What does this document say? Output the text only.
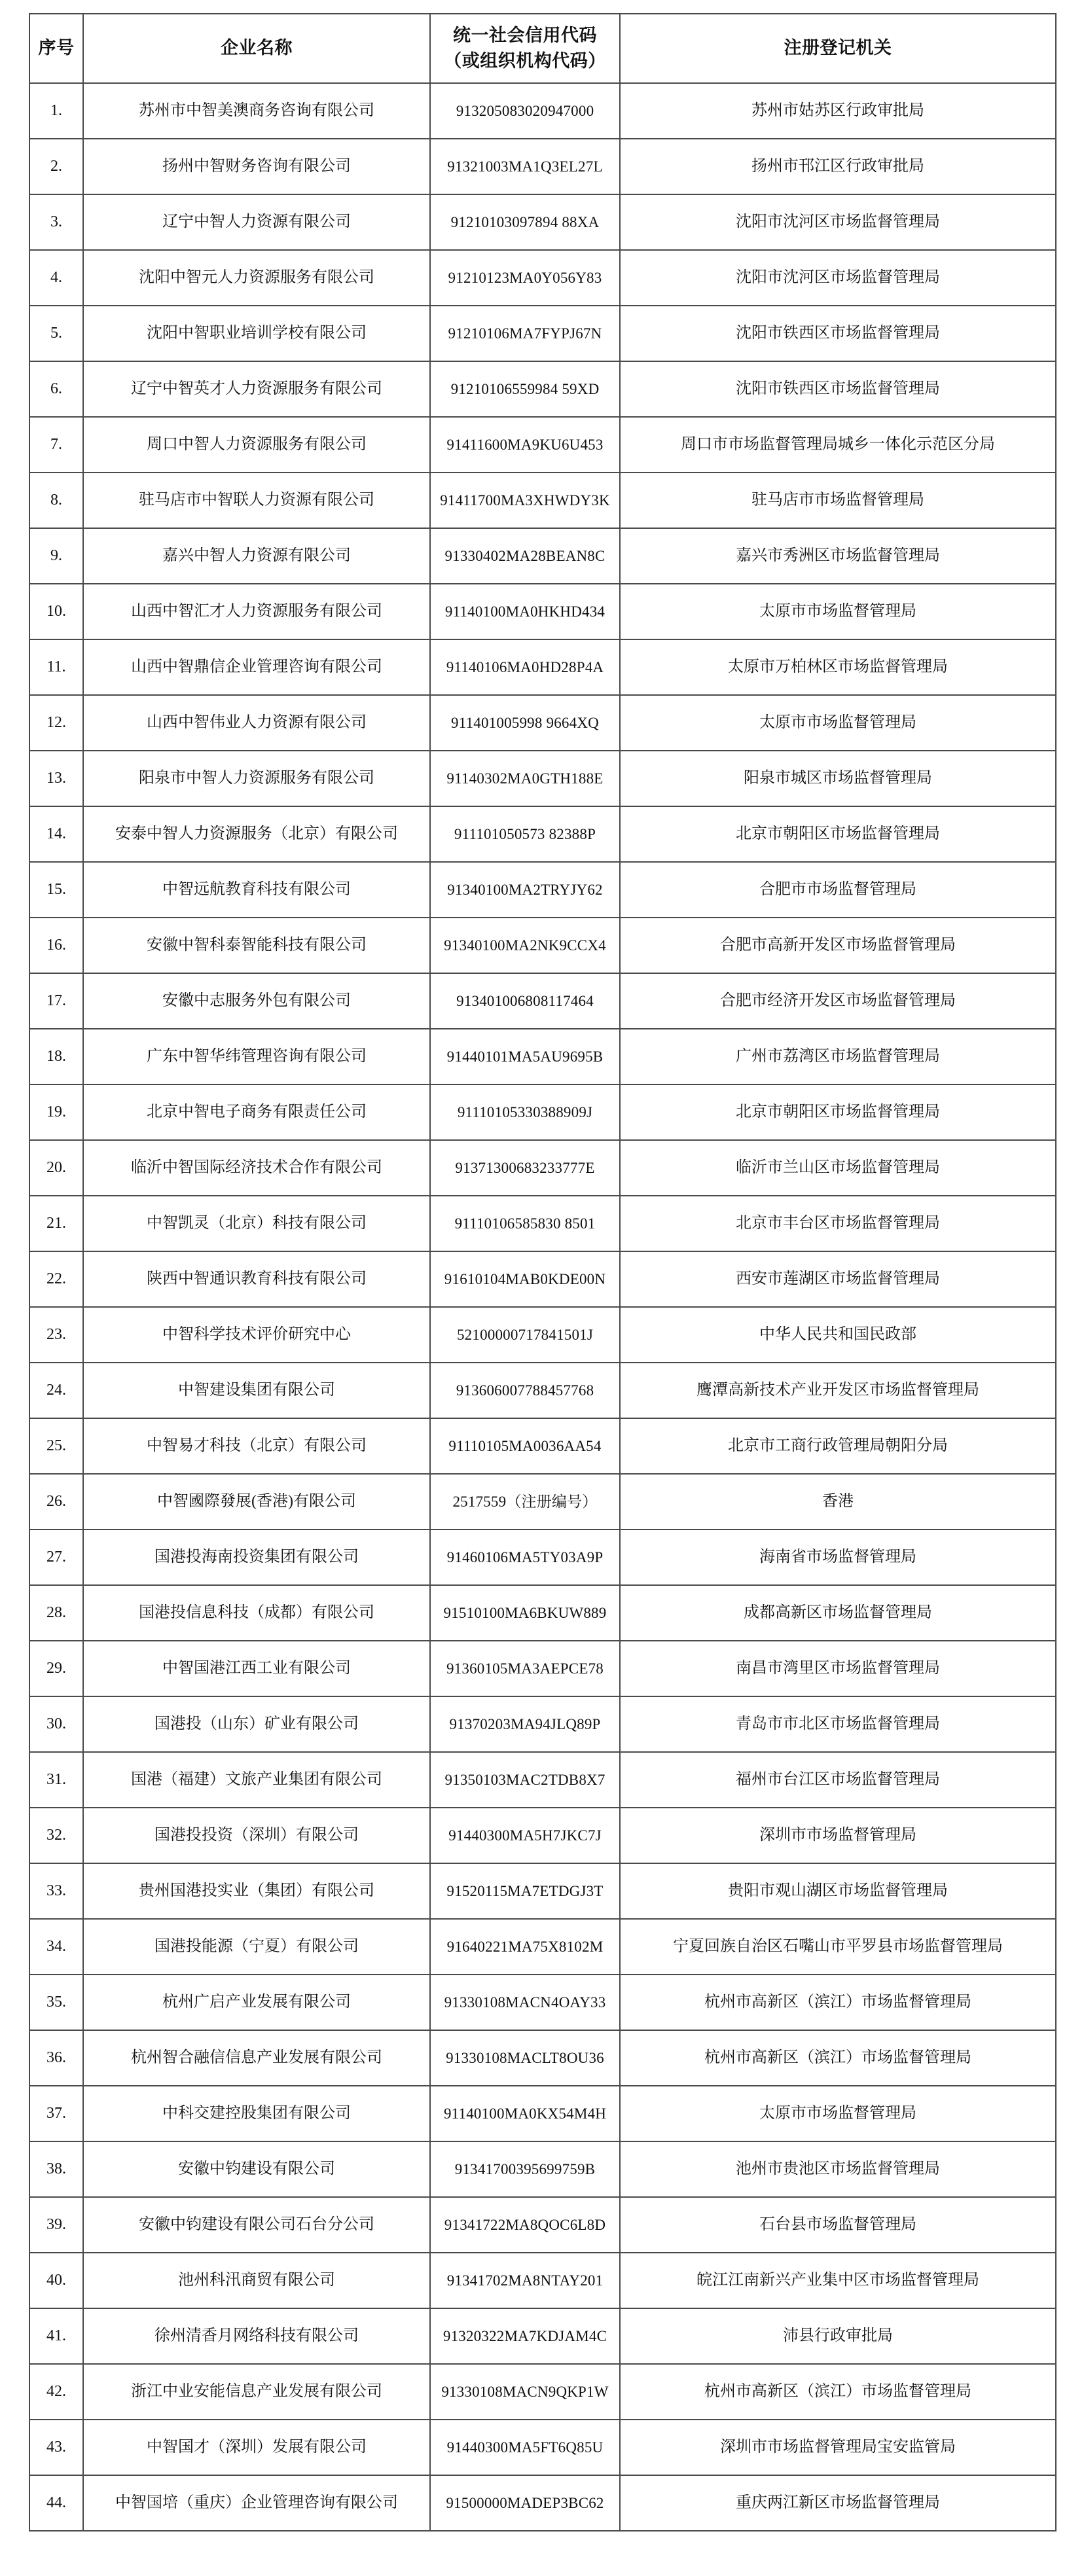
序号	企业名称	统一社会信用代码
（或组织机构代码）	注册登记机关

1.	苏州市中智美澳商务咨询有限公司	913205083020947000	苏州市姑苏区行政审批局
2.	扬州中智财务咨询有限公司	91321003MA1Q3EL27L	扬州市邗江区行政审批局
3.	辽宁中智人力资源有限公司	91210103097894 88XA	沈阳市沈河区市场监督管理局
4.	沈阳中智元人力资源服务有限公司	91210123MA0Y056Y83	沈阳市沈河区市场监督管理局
5.	沈阳中智职业培训学校有限公司	91210106MA7FYPJ67N	沈阳市铁西区市场监督管理局
6.	辽宁中智英才人力资源服务有限公司	91210106559984 59XD	沈阳市铁西区市场监督管理局
7.	周口中智人力资源服务有限公司	91411600MA9KU6U453	周口市市场监督管理局城乡一体化示范区分局
8.	驻马店市中智联人力资源有限公司	91411700MA3XHWDY3K	驻马店市市场监督管理局
9.	嘉兴中智人力资源有限公司	91330402MA28BEAN8C	嘉兴市秀洲区市场监督管理局
10.	山西中智汇才人力资源服务有限公司	91140100MA0HKHD434	太原市市场监督管理局
11.	山西中智鼎信企业管理咨询有限公司	91140106MA0HD28P4A	太原市万柏林区市场监督管理局
12.	山西中智伟业人力资源有限公司	911401005998 9664XQ	太原市市场监督管理局
13.	阳泉市中智人力资源服务有限公司	91140302MA0GTH188E	阳泉市城区市场监督管理局
14.	安泰中智人力资源服务（北京）有限公司	911101050573 82388P	北京市朝阳区市场监督管理局
15.	中智远航教育科技有限公司	91340100MA2TRYJY62	合肥市市场监督管理局
16.	安徽中智科泰智能科技有限公司	91340100MA2NK9CCX4	合肥市高新开发区市场监督管理局
17.	安徽中志服务外包有限公司	913401006808117464	合肥市经济开发区市场监督管理局
18.	广东中智华纬管理咨询有限公司	91440101MA5AU9695B	广州市荔湾区市场监督管理局
19.	北京中智电子商务有限责任公司	91110105330388909J	北京市朝阳区市场监督管理局
20.	临沂中智国际经济技术合作有限公司	91371300683233777E	临沂市兰山区市场监督管理局
21.	中智凯灵（北京）科技有限公司	91110106585830 8501	北京市丰台区市场监督管理局
22.	陕西中智通识教育科技有限公司	91610104MAB0KDE00N	西安市莲湖区市场监督管理局
23.	中智科学技术评价研究中心	52100000717841501J	中华人民共和国民政部
24.	中智建设集团有限公司	913606007788457768	鹰潭高新技术产业开发区市场监督管理局
25.	中智易才科技（北京）有限公司	91110105MA0036AA54	北京市工商行政管理局朝阳分局
26.	中智國際發展(香港)有限公司	2517559（注册编号）	香港
27.	国港投海南投资集团有限公司	91460106MA5TY03A9P	海南省市场监督管理局
28.	国港投信息科技（成都）有限公司	91510100MA6BKUW889	成都高新区市场监督管理局
29.	中智国港江西工业有限公司	91360105MA3AEPCE78	南昌市湾里区市场监督管理局
30.	国港投（山东）矿业有限公司	91370203MA94JLQ89P	青岛市市北区市场监督管理局
31.	国港（福建）文旅产业集团有限公司	91350103MAC2TDB8X7	福州市台江区市场监督管理局
32.	国港投投资（深圳）有限公司	91440300MA5H7JKC7J	深圳市市场监督管理局
33.	贵州国港投实业（集团）有限公司	91520115MA7ETDGJ3T	贵阳市观山湖区市场监督管理局
34.	国港投能源（宁夏）有限公司	91640221MA75X8102M	宁夏回族自治区石嘴山市平罗县市场监督管理局
35.	杭州广启产业发展有限公司	91330108MACN4OAY33	杭州市高新区（滨江）市场监督管理局
36.	杭州智合融信信息产业发展有限公司	91330108MACLT8OU36	杭州市高新区（滨江）市场监督管理局
37.	中科交建控股集团有限公司	91140100MA0KX54M4H	太原市市场监督管理局
38.	安徽中钧建设有限公司	91341700395699759B	池州市贵池区市场监督管理局
39.	安徽中钧建设有限公司石台分公司	91341722MA8QOC6L8D	石台县市场监督管理局
40.	池州科汛商贸有限公司	91341702MA8NTAY201	皖江江南新兴产业集中区市场监督管理局
41.	徐州清香月网络科技有限公司	91320322MA7KDJAM4C	沛县行政审批局
42.	浙江中业安能信息产业发展有限公司	91330108MACN9QKP1W	杭州市高新区（滨江）市场监督管理局
43.	中智国才（深圳）发展有限公司	91440300MA5FT6Q85U	深圳市市场监督管理局宝安监管局
44.	中智国培（重庆）企业管理咨询有限公司	91500000MADEP3BC62	重庆两江新区市场监督管理局
